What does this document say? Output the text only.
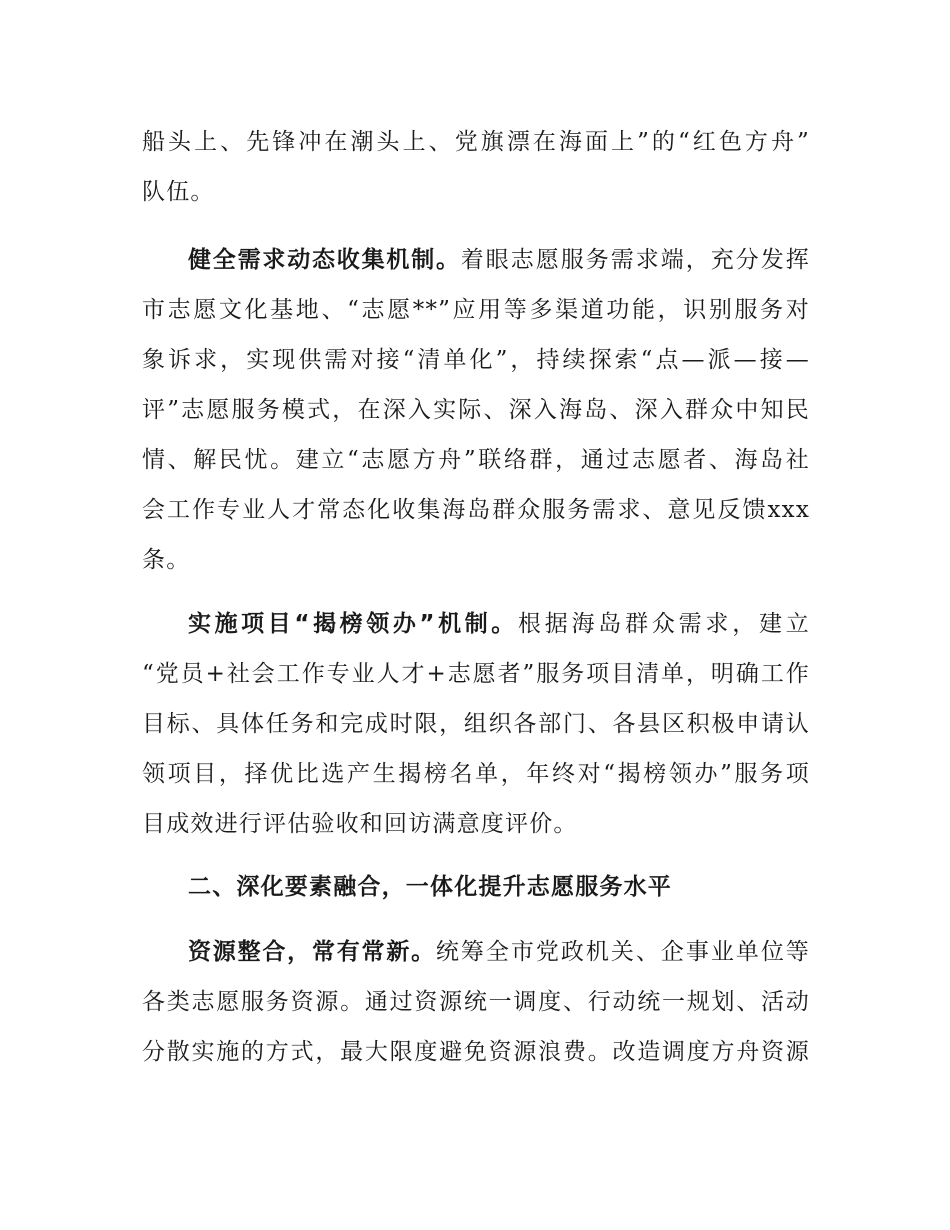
船头上、先锋冲在潮头上、党旗漂在海面上”的“红色方舟”
队伍。
健全需求动态收集机制。着眼志愿服务需求端，充分发挥
市志愿文化基地、“志愿**”应用等多渠道功能，识别服务对
象诉求，实现供需对接“清单化”，持续探索“点—派—接—
评”志愿服务模式，在深入实际、深入海岛、深入群众中知民
情、解民忧。建立“志愿方舟”联络群，通过志愿者、海岛社
会工作专业人才常态化收集海岛群众服务需求、意见反馈xxx
条。
实施项目“揭榜领办”机制。根据海岛群众需求，建立
“党员+社会工作专业人才+志愿者”服务项目清单，明确工作
目标、具体任务和完成时限，组织各部门、各县区积极申请认
领项目，择优比选产生揭榜名单，年终对“揭榜领办”服务项
目成效进行评估验收和回访满意度评价。
二、深化要素融合，一体化提升志愿服务水平
资源整合，常有常新。统筹全市党政机关、企事业单位等
各类志愿服务资源。通过资源统一调度、行动统一规划、活动
分散实施的方式，最大限度避免资源浪费。改造调度方舟资源
